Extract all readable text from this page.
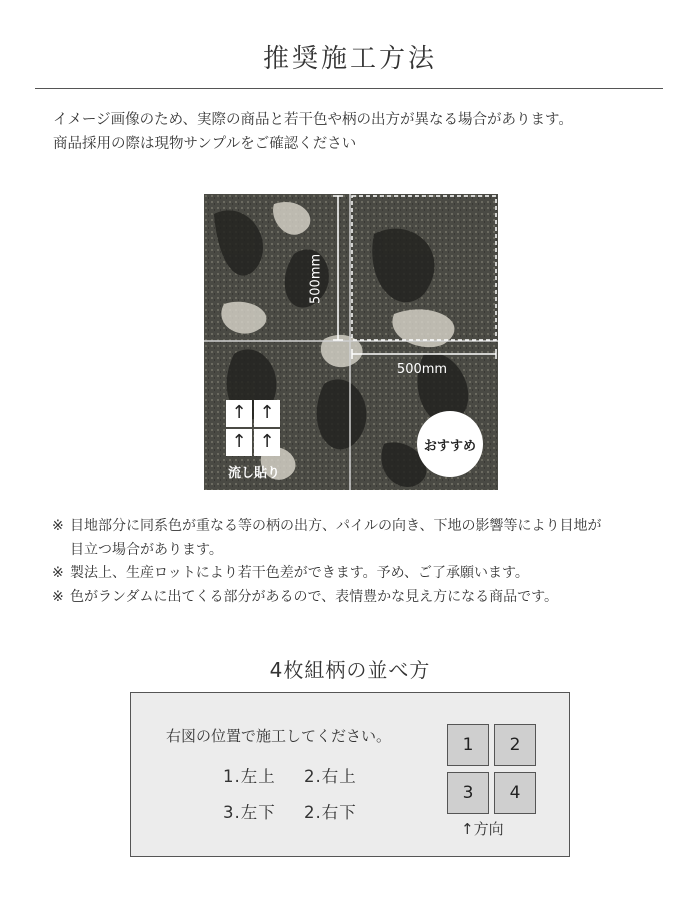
推奨施工方法
イメージ画像のため、実際の商品と若干色や柄の出方が異なる場合があります。
商品採用の際は現物サンプルをご確認ください
500mm
500mm
おすすめ
↑ ↑
↑ ↑
流し貼り
※ 目地部分に同系色が重なる等の柄の出方、パイルの向き、下地の影響等により目地が
目立つ場合があります。
※ 製法上、生産ロットにより若干色差ができます。予め、ご了承願います。
※ 色がランダムに出てくる部分があるので、表情豊かな見え方になる商品です。
4枚組柄の並べ方
右図の位置で施工してください。
1.左上 2.右上
3.左下 2.右下
1	2
3	4
↑方向
